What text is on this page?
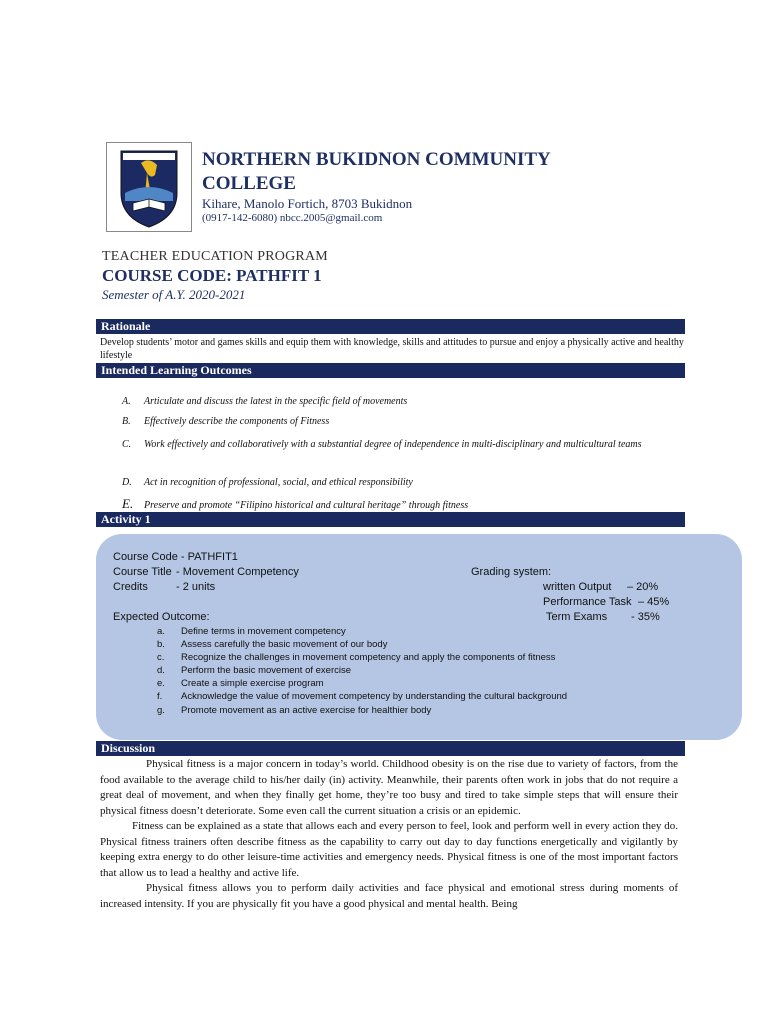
NORTHERN BUKIDNON COMMUNITY COLLEGE
Kihare, Manolo Fortich, 8703 Bukidnon
(0917-142-6080) nbcc.2005@gmail.com
TEACHER EDUCATION PROGRAM
COURSE CODE: PATHFIT 1
Semester of A.Y. 2020-2021
Rationale
Develop students’ motor and games skills and equip them with knowledge, skills and attitudes to pursue and enjoy a physically active and healthy lifestyle
Intended Learning Outcomes
A. Articulate and discuss the latest in the specific field of movements
B. Effectively describe the components of Fitness
C. Work effectively and collaboratively with a substantial degree of independence in multi-disciplinary and multicultural teams
D. Act in recognition of professional, social, and ethical responsibility
E. Preserve and promote “Filipino historical and cultural heritage” through fitness
Activity 1
Course Code - PATHFIT1
Course Title - Movement Competency
Credits	- 2 units
Grading system:
written Output – 20%
Performance Task – 45%
Term Exams - 35%
Expected Outcome:
a. Define terms in movement competency
b. Assess carefully the basic movement of our body
c. Recognize the challenges in movement competency and apply the components of fitness
d. Perform the basic movement of exercise
e. Create a simple exercise program
f. Acknowledge the value of movement competency by understanding the cultural background
g. Promote movement as an active exercise for healthier body
Discussion

Physical fitness is a major concern in today’s world. Childhood obesity is on the rise due to variety of factors, from the food available to the average child to his/her daily (in) activity. Meanwhile, their parents often work in jobs that do not require a great deal of movement, and when they finally get home, they’re too busy and tired to take simple steps that will ensure their physical fitness doesn’t deteriorate. Some even call the current situation a crisis or an epidemic.

Fitness can be explained as a state that allows each and every person to feel, look and perform well in every action they do. Physical fitness trainers often describe fitness as the capability to carry out day to day functions energetically and vigilantly by keeping extra energy to do other leisure-time activities and emergency needs. Physical fitness is one of the most important factors that allow us to lead a healthy and active life.

Physical fitness allows you to perform daily activities and face physical and emotional stress during moments of increased intensity. If you are physically fit you have a good physical and mental health. Being
